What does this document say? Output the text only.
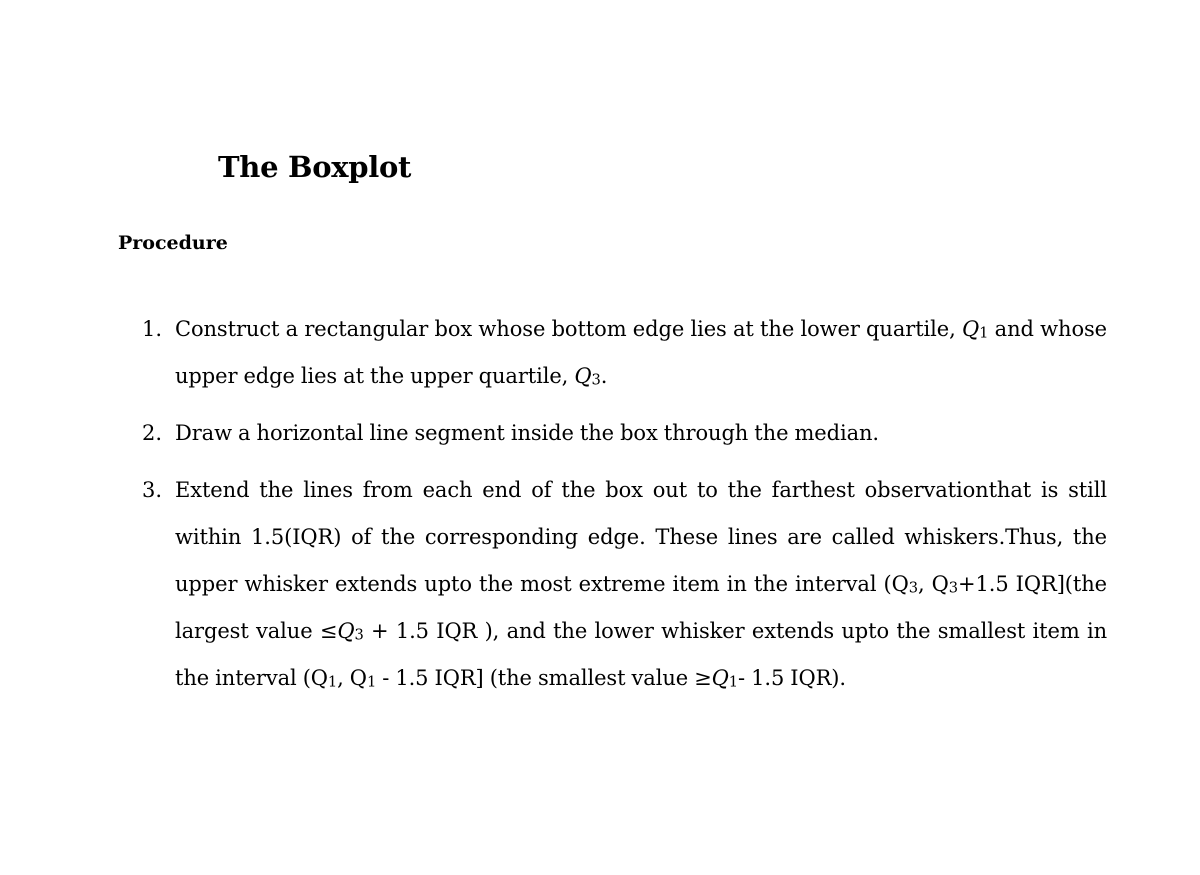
The Boxplot
Procedure
1. Construct a rectangular box whose bottom edge lies at the lower quartile, Q1 and whose upper edge lies at the upper quartile, Q3.
2. Draw a horizontal line segment inside the box through the median.
3. Extend the lines from each end of the box out to the farthest observationthat is still within 1.5(IQR) of the corresponding edge. These lines are called whiskers.Thus, the upper whisker extends upto the most extreme item in the interval (Q3, Q3+1.5 IQR](the largest value ≤Q3 + 1.5 IQR ), and the lower whisker extends upto the smallest item in the interval (Q1, Q1 - 1.5 IQR] (the smallest value ≥Q1- 1.5 IQR).
